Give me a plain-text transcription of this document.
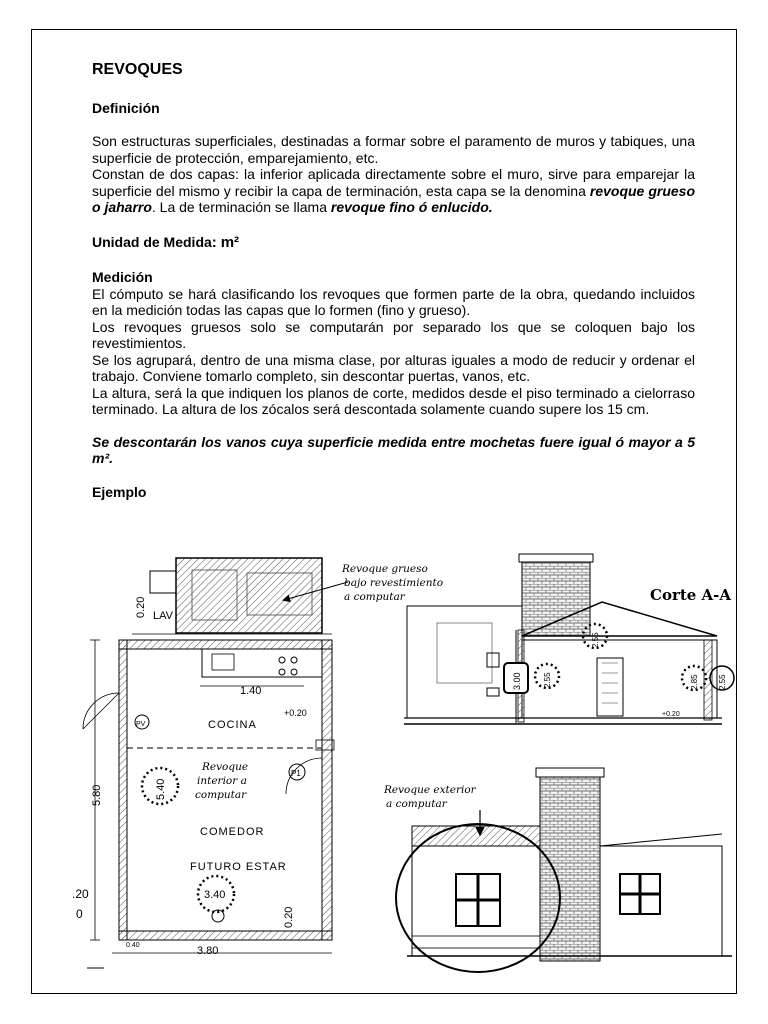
REVOQUES
Definición

Son estructuras superficiales, destinadas a formar sobre el paramento de muros y tabiques, una superficie de protección, emparejamiento, etc.

Constan de dos capas: la inferior aplicada directamente sobre el muro, sirve para emparejar la superficie del mismo y recibir la capa de terminación, esta capa se la denomina revoque grueso o jaharro. La de terminación se llama revoque fino ó enlucido.

Unidad de Medida: m²
Medición

El cómputo se hará clasificando los revoques que formen parte de la obra, quedando incluidos en la medición todas las capas que lo formen (fino y grueso).

Los revoques gruesos solo se computarán por separado los que se coloquen bajo los revestimientos.

Se los agrupará, dentro de una misma clase, por alturas iguales a modo de reducir y ordenar el trabajo. Conviene tomarlo completo, sin descontar puertas, vanos, etc.

La altura, será la que indiquen los planos de corte, medidos desde el piso terminado a cielorraso terminado. La altura de los zócalos será descontada solamente cuando supere los 15 cm.

Se descontarán los vanos cuya superficie medida entre mochetas fuere igual ó mayor a 5 m².

Ejemplo
LAV
0.20
1.40
PV	COCINA
+0.20
P1
5.40
COMEDOR
FUTURO ESTAR
3.40
0.20
5.80
.20
0
0.40	3.80
Revoque grueso
bajo revestimiento
a computar
Revoque
interior a
computar
Corte A-A
+0.20
3.00	2.55
2.55
2.85 2.55
Revoque exterior
a computar
